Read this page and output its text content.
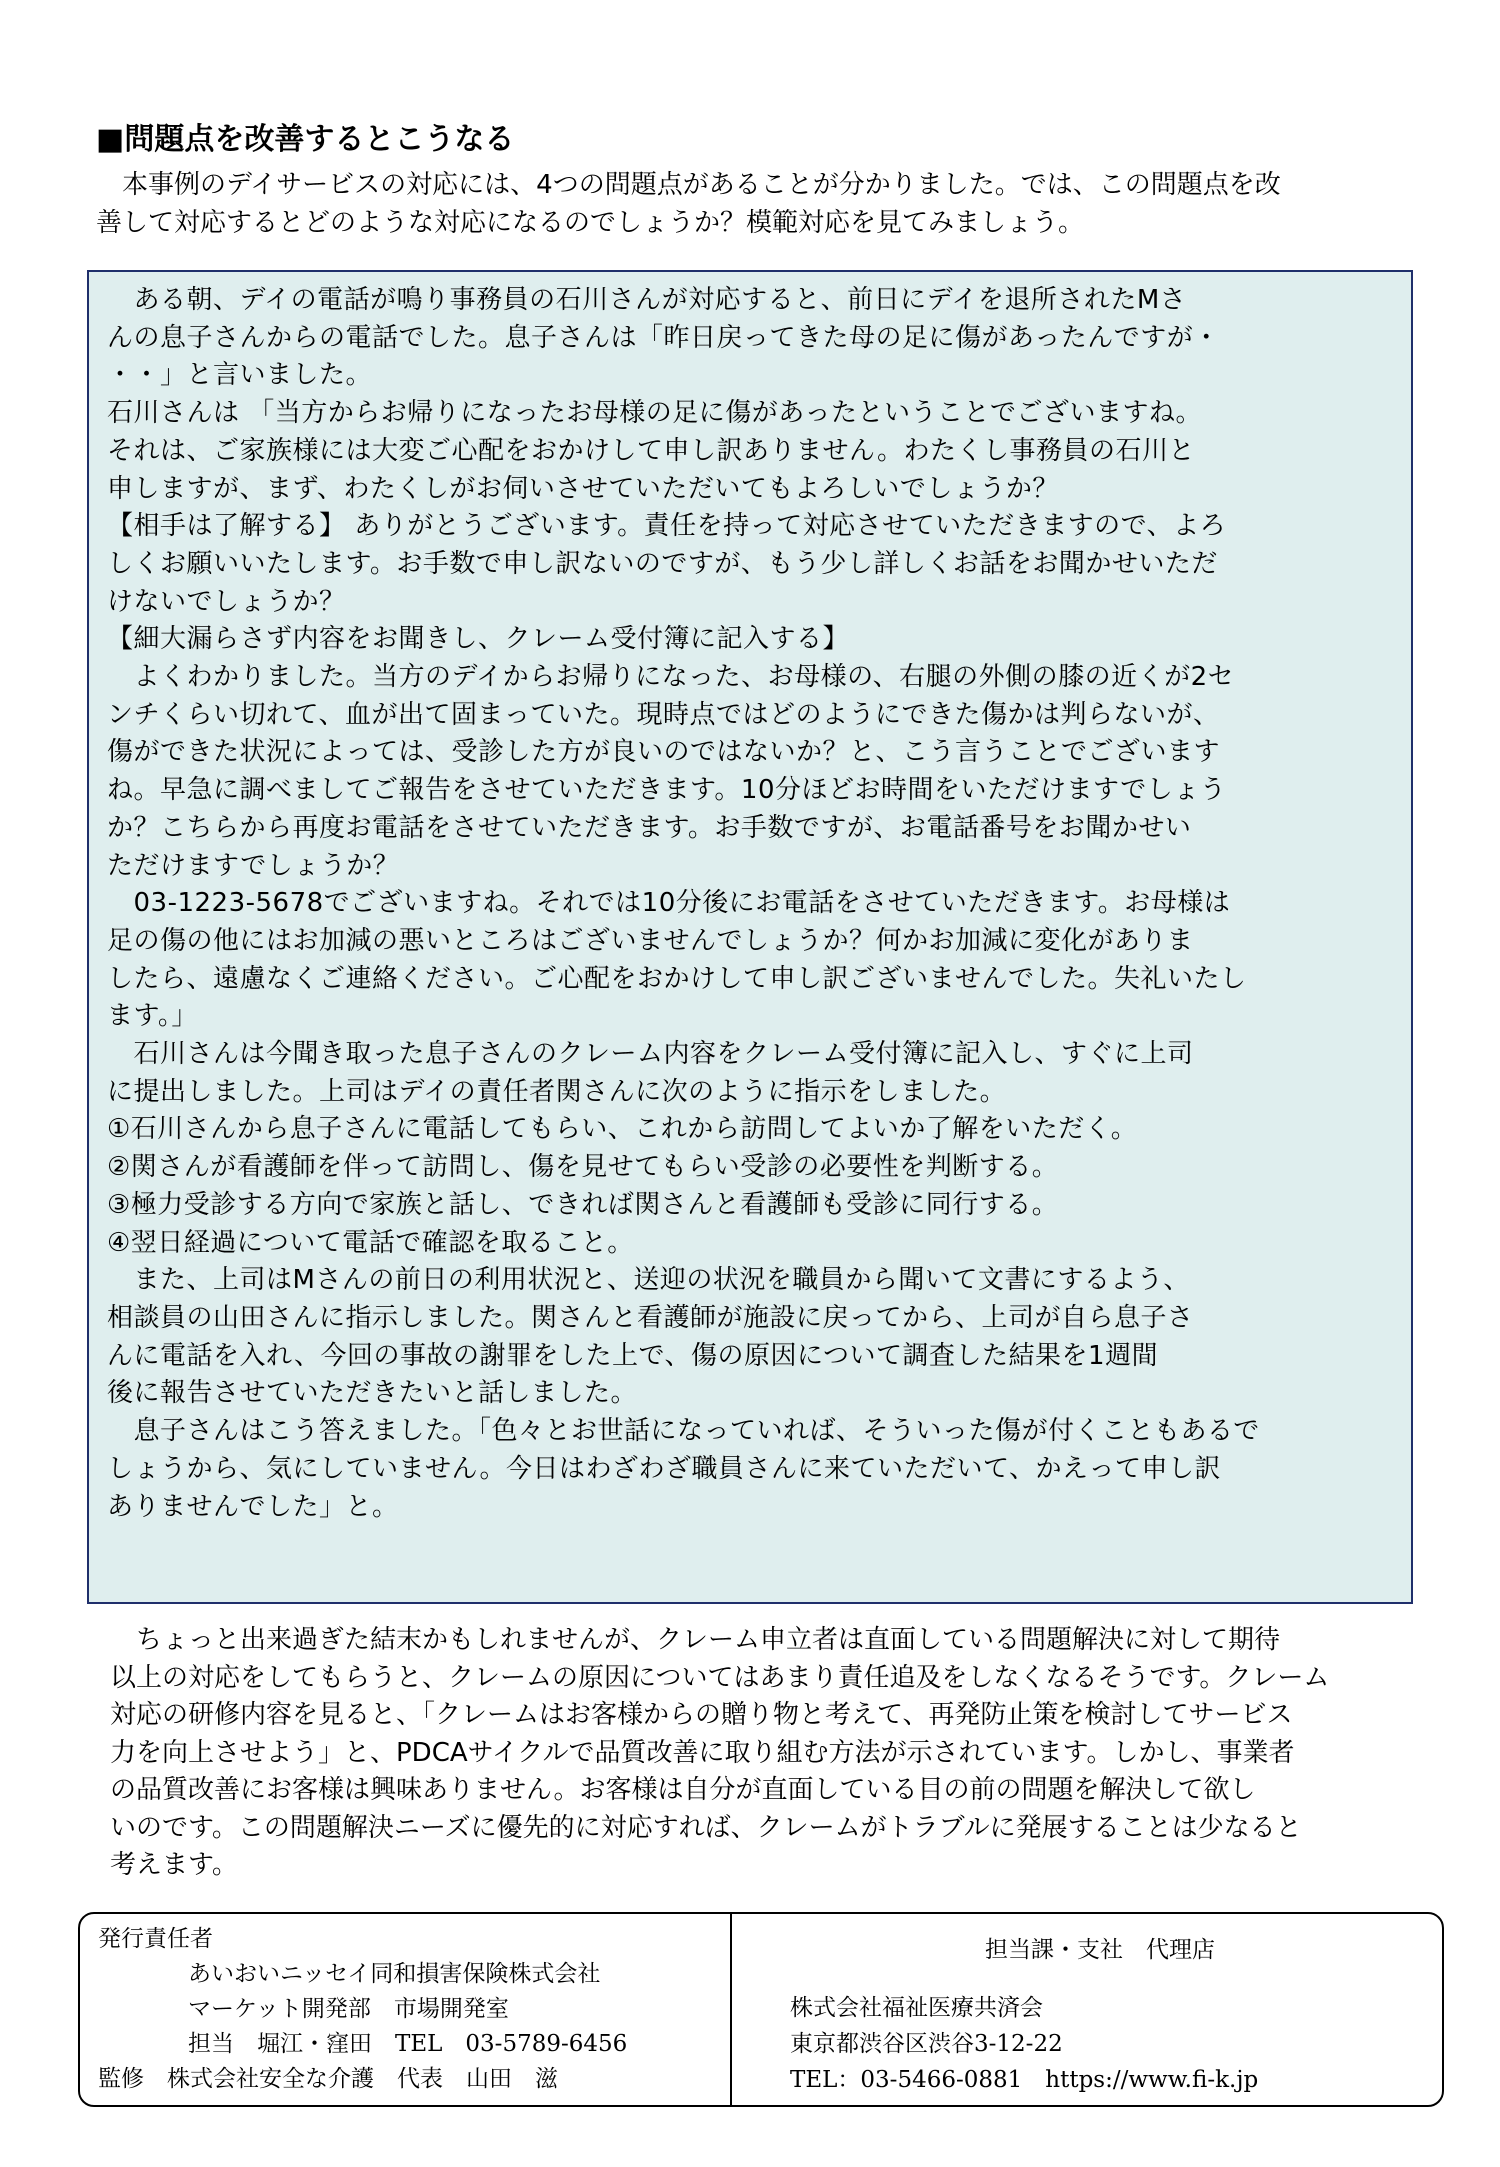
■問題点を改善するとこうなる

　本事例のデイサービスの対応には、4つの問題点があることが分かりました。では、この問題点を改

善して対応するとどのような対応になるのでしょうか？模範対応を見てみましょう。

　ある朝、デイの電話が鳴り事務員の石川さんが対応すると、前日にデイを退所されたMさ

んの息子さんからの電話でした。息子さんは「昨日戻ってきた母の足に傷があったんですが・

・・」と言いました。

石川さんは 「当方からお帰りになったお母様の足に傷があったということでございますね。

それは、ご家族様には大変ご心配をおかけして申し訳ありません。わたくし事務員の石川と

申しますが、まず、わたくしがお伺いさせていただいてもよろしいでしょうか？

【相手は了解する】 ありがとうございます。責任を持って対応させていただきますので、よろ

しくお願いいたします。お手数で申し訳ないのですが、もう少し詳しくお話をお聞かせいただ

けないでしょうか？

【細大漏らさず内容をお聞きし、クレーム受付簿に記入する】

　よくわかりました。当方のデイからお帰りになった、お母様の、右腿の外側の膝の近くが2セ

ンチくらい切れて、血が出て固まっていた。現時点ではどのようにできた傷かは判らないが、

傷ができた状況によっては、受診した方が良いのではないか？と、こう言うことでございます

ね。早急に調べましてご報告をさせていただきます。10分ほどお時間をいただけますでしょう

か？こちらから再度お電話をさせていただきます。お手数ですが、お電話番号をお聞かせい

ただけますでしょうか？

　03-1223-5678でございますね。それでは10分後にお電話をさせていただきます。お母様は

足の傷の他にはお加減の悪いところはございませんでしょうか？何かお加減に変化がありま

したら、遠慮なくご連絡ください。ご心配をおかけして申し訳ございませんでした。失礼いたし

ます。」

　石川さんは今聞き取った息子さんのクレーム内容をクレーム受付簿に記入し、すぐに上司

に提出しました。上司はデイの責任者関さんに次のように指示をしました。

①石川さんから息子さんに電話してもらい、これから訪問してよいか了解をいただく。

②関さんが看護師を伴って訪問し、傷を見せてもらい受診の必要性を判断する。

③極力受診する方向で家族と話し、できれば関さんと看護師も受診に同行する。

④翌日経過について電話で確認を取ること。

　また、上司はMさんの前日の利用状況と、送迎の状況を職員から聞いて文書にするよう、

相談員の山田さんに指示しました。関さんと看護師が施設に戻ってから、上司が自ら息子さ

んに電話を入れ、今回の事故の謝罪をした上で、傷の原因について調査した結果を1週間

後に報告させていただきたいと話しました。

　息子さんはこう答えました。「色々とお世話になっていれば、そういった傷が付くこともあるで

しょうから、気にしていません。今日はわざわざ職員さんに来ていただいて、かえって申し訳

ありませんでした」と。

　ちょっと出来過ぎた結末かもしれませんが、クレーム申立者は直面している問題解決に対して期待

以上の対応をしてもらうと、クレームの原因についてはあまり責任追及をしなくなるそうです。クレーム

対応の研修内容を見ると、「クレームはお客様からの贈り物と考えて、再発防止策を検討してサービス

力を向上させよう」と、PDCAサイクルで品質改善に取り組む方法が示されています。しかし、事業者

の品質改善にお客様は興味ありません。お客様は自分が直面している目の前の問題を解決して欲し

いのです。この問題解決ニーズに優先的に対応すれば、クレームがトラブルに発展することは少なると

考えます。

発行責任者

あいおいニッセイ同和損害保険株式会社

マーケット開発部　市場開発室

担当　堀江・窪田　TEL　03-5789-6456

監修　株式会社安全な介護　代表　山田　滋

担当課・支社　代理店

株式会社福祉医療共済会

東京都渋谷区渋谷3-12-22

TEL：03-5466-0881　https://www.fi-k.jp
